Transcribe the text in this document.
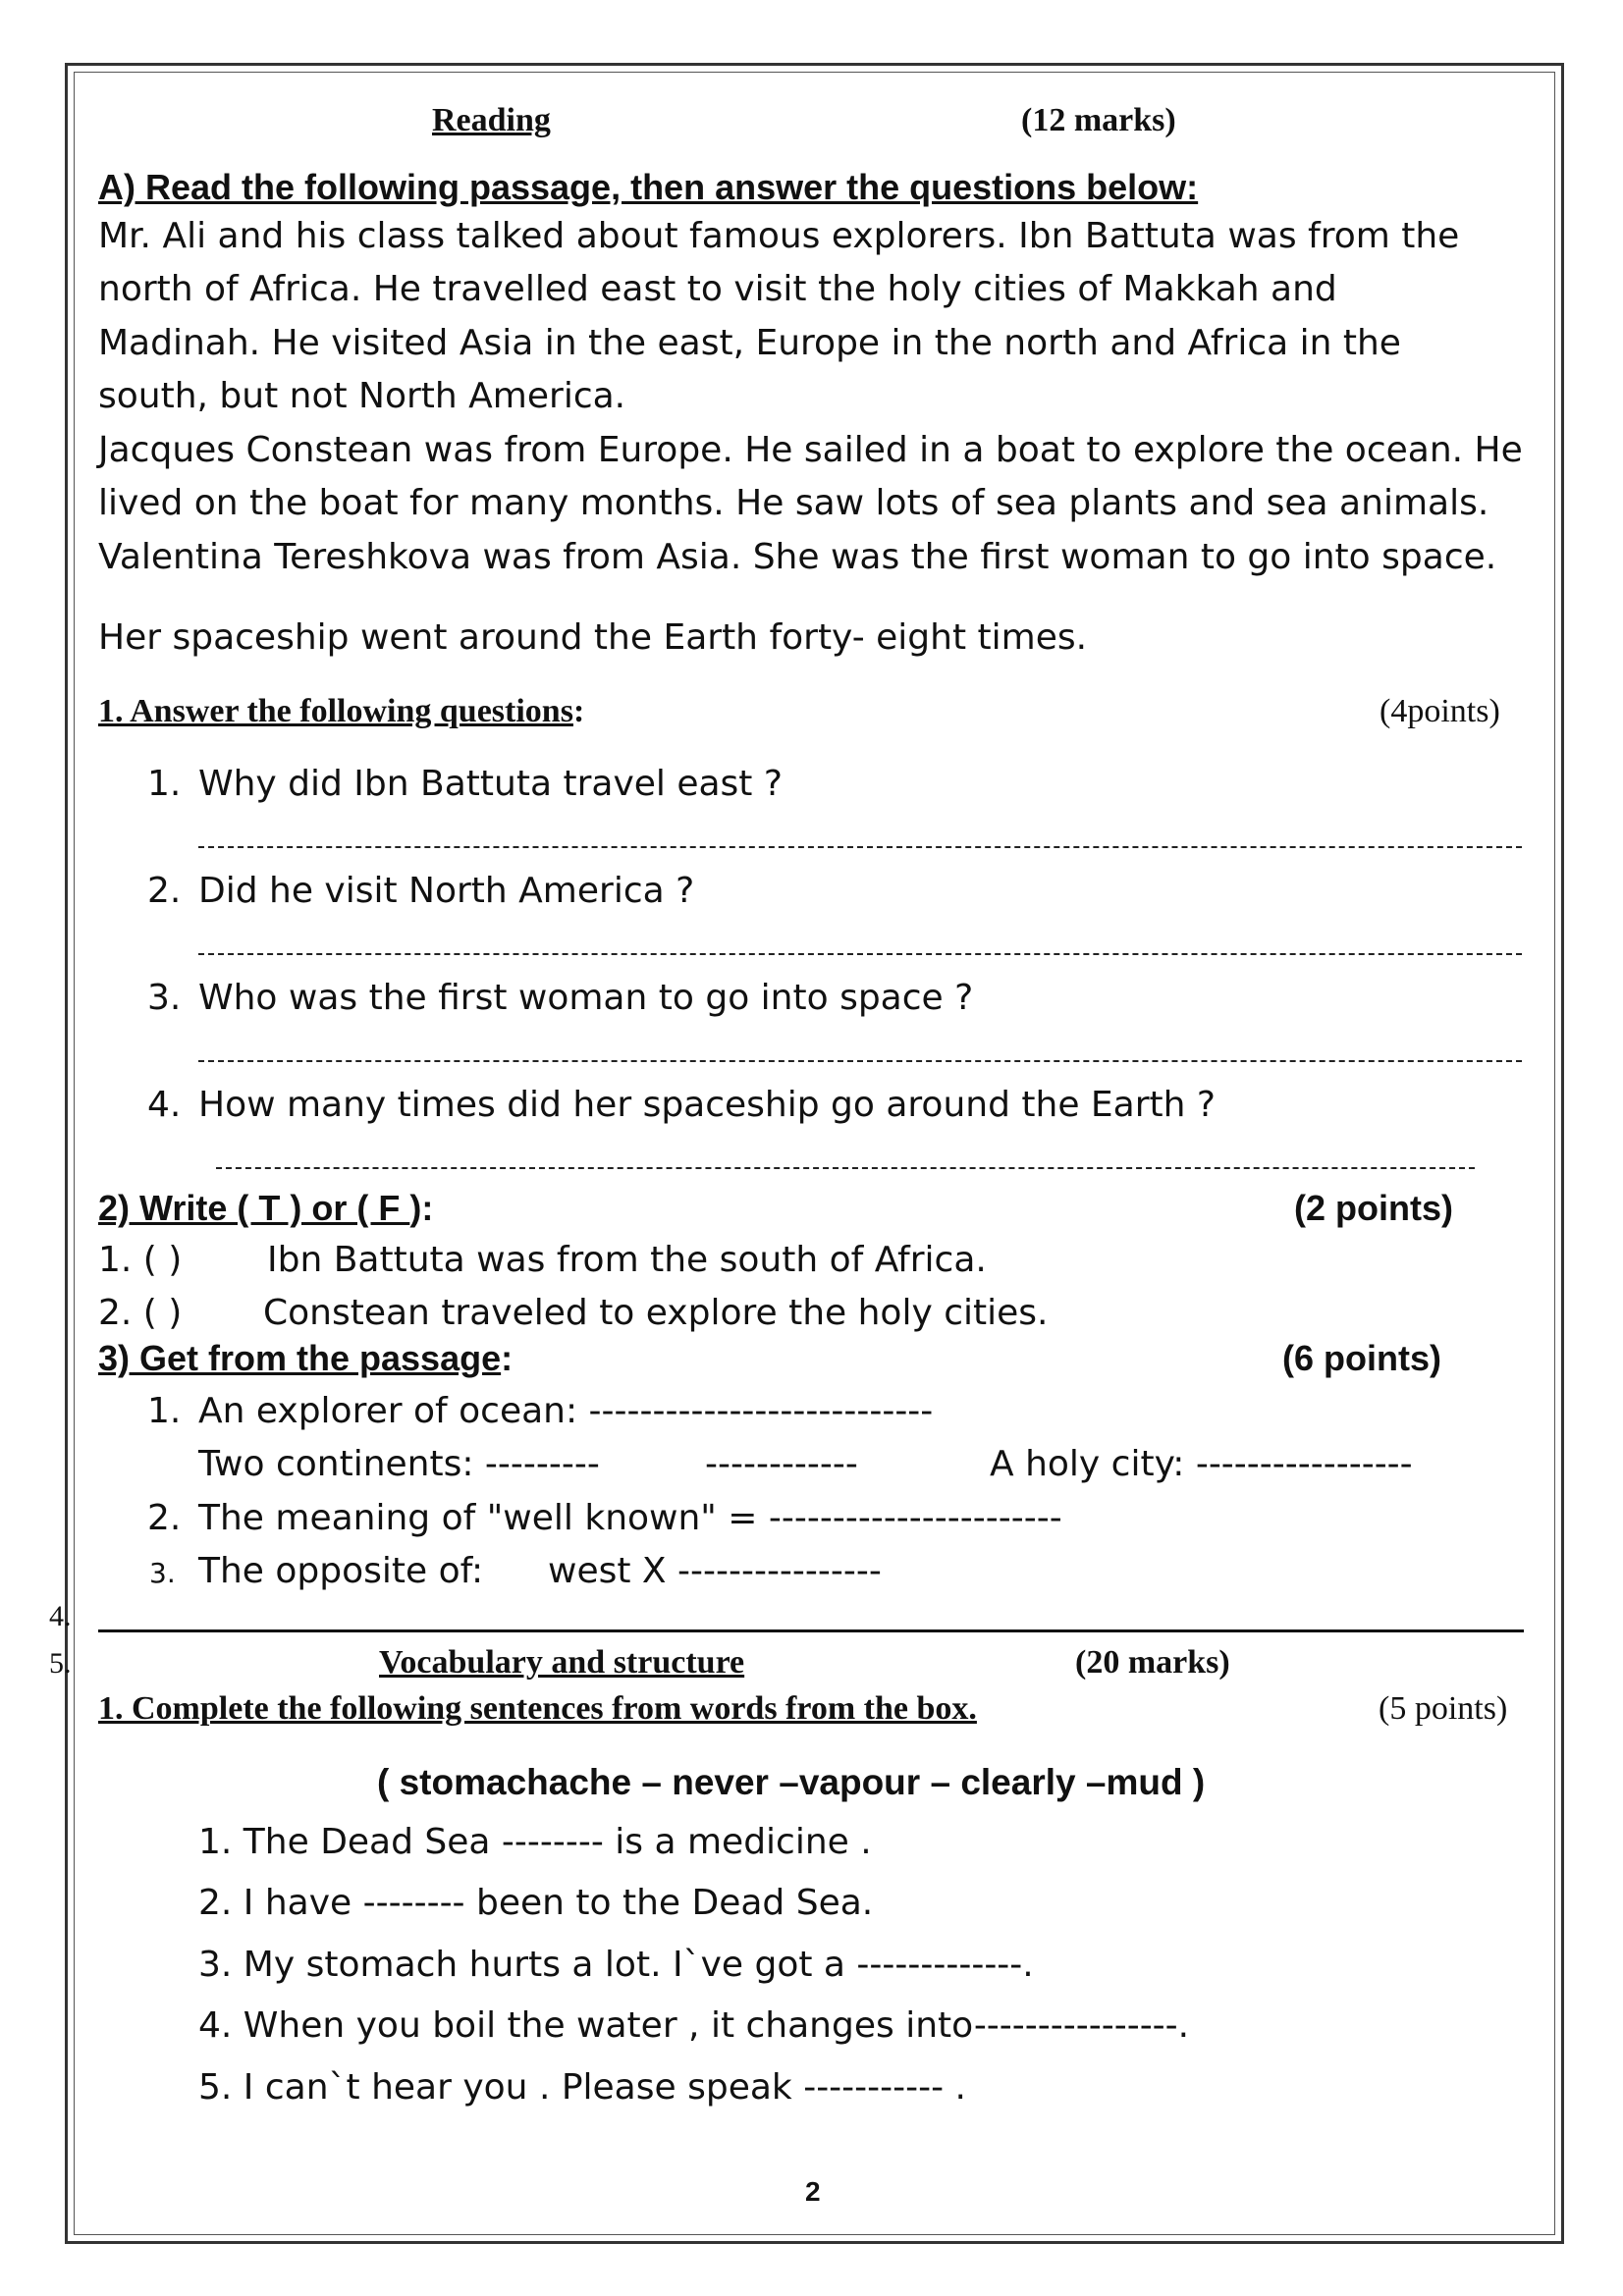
Reading	(12 marks)
A) Read the following passage, then answer the questions below:
Mr. Ali and his class talked about famous explorers. Ibn Battuta was from the
north of Africa. He travelled east to visit the holy cities of Makkah and
Madinah. He visited Asia in the east, Europe in the north and Africa in the
south, but not North America.
Jacques Constean was from Europe. He sailed in a boat to explore the ocean. He
lived on the boat for many months. He saw lots of sea plants and sea animals.
Valentina Tereshkova was from Asia. She was the first woman to go into space.
Her spaceship went around the Earth forty- eight times.
1. Answer the following questions:	(4points)
1. Why did Ibn Battuta travel east ?
2. Did he visit North America ?
3. Who was the first woman to go into space ?
4. How many times did her spaceship go around the Earth ?
2) Write ( T ) or ( F ):	(2 points)
1. ( ) Ibn Battuta was from the south of Africa.
2. ( ) Constean traveled to explore the holy cities.
3) Get from the passage:	(6 points)
1. An explorer of ocean: ---------------------------
Two continents: ---------	------------	A holy city: -----------------
2. The meaning of "well known" = -----------------------
3. The opposite of: west X ----------------
4.
5.	Vocabulary and structure	(20 marks)
1. Complete the following sentences from words from the box.	(5 points)
( stomachache – never –vapour – clearly –mud )
1. The Dead Sea -------- is a medicine .
2. I have -------- been to the Dead Sea.
3. My stomach hurts a lot. I`ve got a -------------.
4. When you boil the water , it changes into----------------.
5. I can`t hear you . Please speak ----------- .
2
